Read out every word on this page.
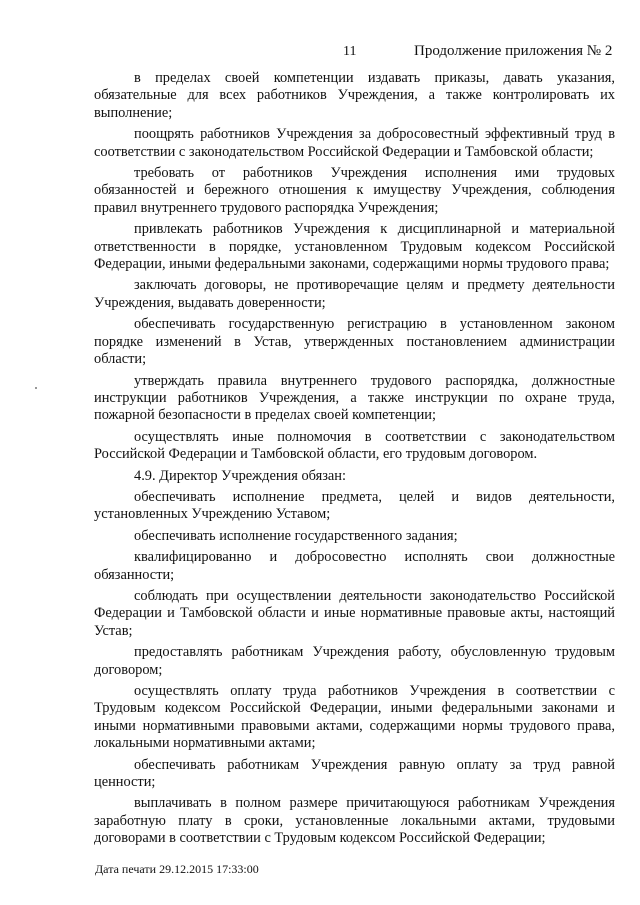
11	Продолжение приложения № 2

в пределах своей компетенции издавать приказы, давать указания, обязательные для всех работников Учреждения, а также контролировать их выполнение;

поощрять работников Учреждения за добросовестный эффективный труд в соответствии с законодательством Российской Федерации и Тамбовской области;

требовать от работников Учреждения исполнения ими трудовых обязанностей и бережного отношения к имуществу Учреждения, соблюдения правил внутреннего трудового распорядка Учреждения;

привлекать работников Учреждения к дисциплинарной и материальной ответственности в порядке, установленном Трудовым кодексом Российской Федерации, иными федеральными законами, содержащими нормы трудового права;

заключать договоры, не противоречащие целям и предмету деятельности Учреждения, выдавать доверенности;

обеспечивать государственную регистрацию в установленном законом порядке изменений в Устав, утвержденных постановлением администрации области;

утверждать правила внутреннего трудового распорядка, должностные инструкции работников Учреждения, а также инструкции по охране труда, пожарной безопасности в пределах своей компетенции;

осуществлять иные полномочия в соответствии с законодательством Российской Федерации и Тамбовской области, его трудовым договором.

4.9. Директор Учреждения обязан:

обеспечивать исполнение предмета, целей и видов деятельности, установленных Учреждению Уставом;

обеспечивать исполнение государственного задания;

квалифицированно и добросовестно исполнять свои должностные обязанности;

соблюдать при осуществлении деятельности законодательство Российской Федерации и Тамбовской области и иные нормативные правовые акты, настоящий Устав;

предоставлять работникам Учреждения работу, обусловленную трудовым договором;

осуществлять оплату труда работников Учреждения в соответствии с Трудовым кодексом Российской Федерации, иными федеральными законами и иными нормативными правовыми актами, содержащими нормы трудового права, локальными нормативными актами;

обеспечивать работникам Учреждения равную оплату за труд равной ценности;

выплачивать в полном размере причитающуюся работникам Учреждения заработную плату в сроки, установленные локальными актами, трудовыми договорами в соответствии с Трудовым кодексом Российской Федерации;

Дата печати 29.12.2015 17:33:00
